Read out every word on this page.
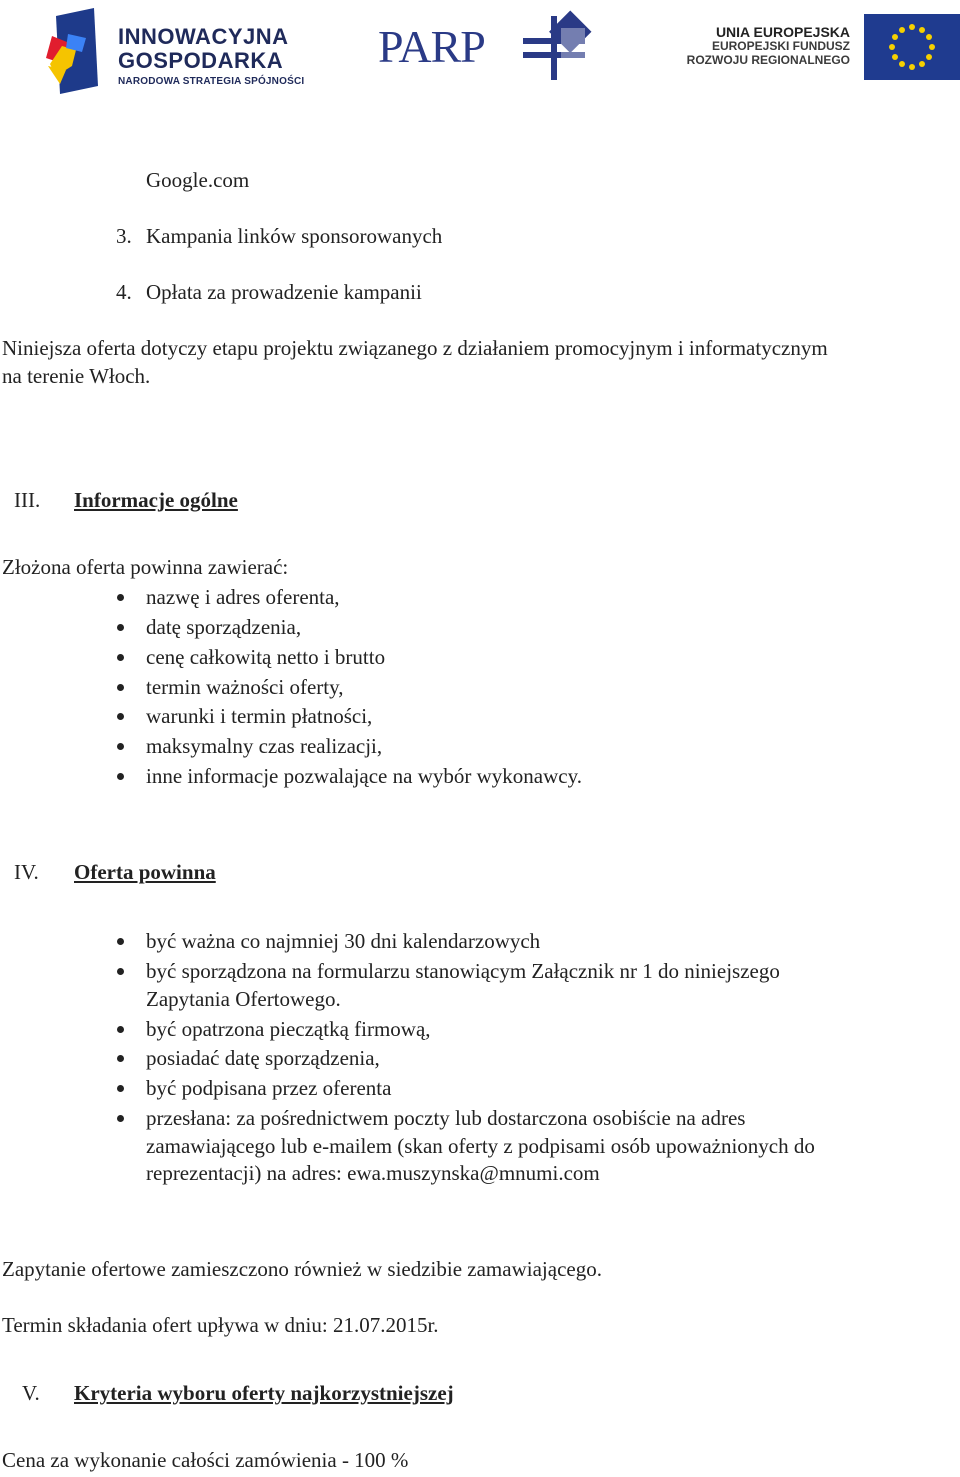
INNOWACYJNA
GOSPODARKA
NARODOWA STRATEGIA SPÓJNOŚCI
PARP	UNIA EUROPEJSKA
EUROPEJSKI FUNDUSZ
ROZWOJU REGIONALNEGO
Google.com
3. Kampania linków sponsorowanych
4. Opłata za prowadzenie kampanii
Niniejsza oferta dotyczy etapu projektu związanego z działaniem promocyjnym i informatycznym
na terenie Włoch.
III. Informacje ogólne
Złożona oferta powinna zawierać:
nazwę i adres oferenta,
datę sporządzenia,
cenę całkowitą netto i brutto
termin ważności oferty,
warunki i termin płatności,
maksymalny czas realizacji,
inne informacje pozwalające na wybór wykonawcy.
IV. Oferta powinna
być ważna co najmniej 30 dni kalendarzowych
być sporządzona na formularzu stanowiącym Załącznik nr 1 do niniejszego
Zapytania Ofertowego.
być opatrzona pieczątką firmową,
posiadać datę sporządzenia,
być podpisana przez oferenta
przesłana: za pośrednictwem poczty lub dostarczona osobiście na adres
zamawiającego lub e-mailem (skan oferty z podpisami osób upoważnionych do
reprezentacji) na adres: ewa.muszynska@mnumi.com
Zapytanie ofertowe zamieszczono również w siedzibie zamawiającego.
Termin składania ofert upływa w dniu: 21.07.2015r.
V. Kryteria wyboru oferty najkorzystniejszej
Cena za wykonanie całości zamówienia - 100 %
